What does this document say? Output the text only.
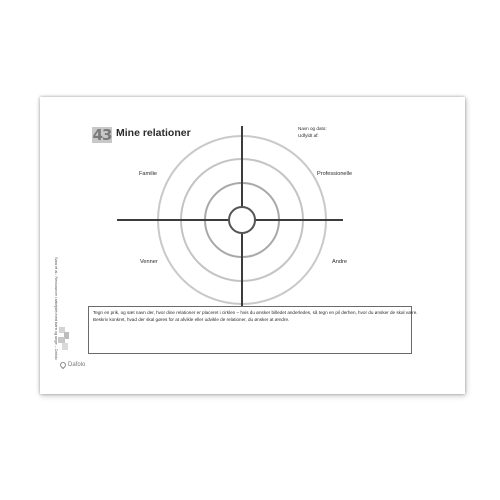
43 Mine relationer	Navn og dato:
Udfyldt af:
Familie	Professionelle
Venner	Andre
Tegn en prik, og sæt navn der, hvor dine relationer er placeret i cirklen – hvis du ønsker billedet anderledes, så tegn en pil derhen, hvor du ønsker de skal være.
Beskriv konkret, hvad der skal gøres for at afvikle eller udvikle de relationer, du ønsker at ændre.
Sara et al.: Ressourcer i arbejdet med børn og unge – Dafolo
Dafolo
